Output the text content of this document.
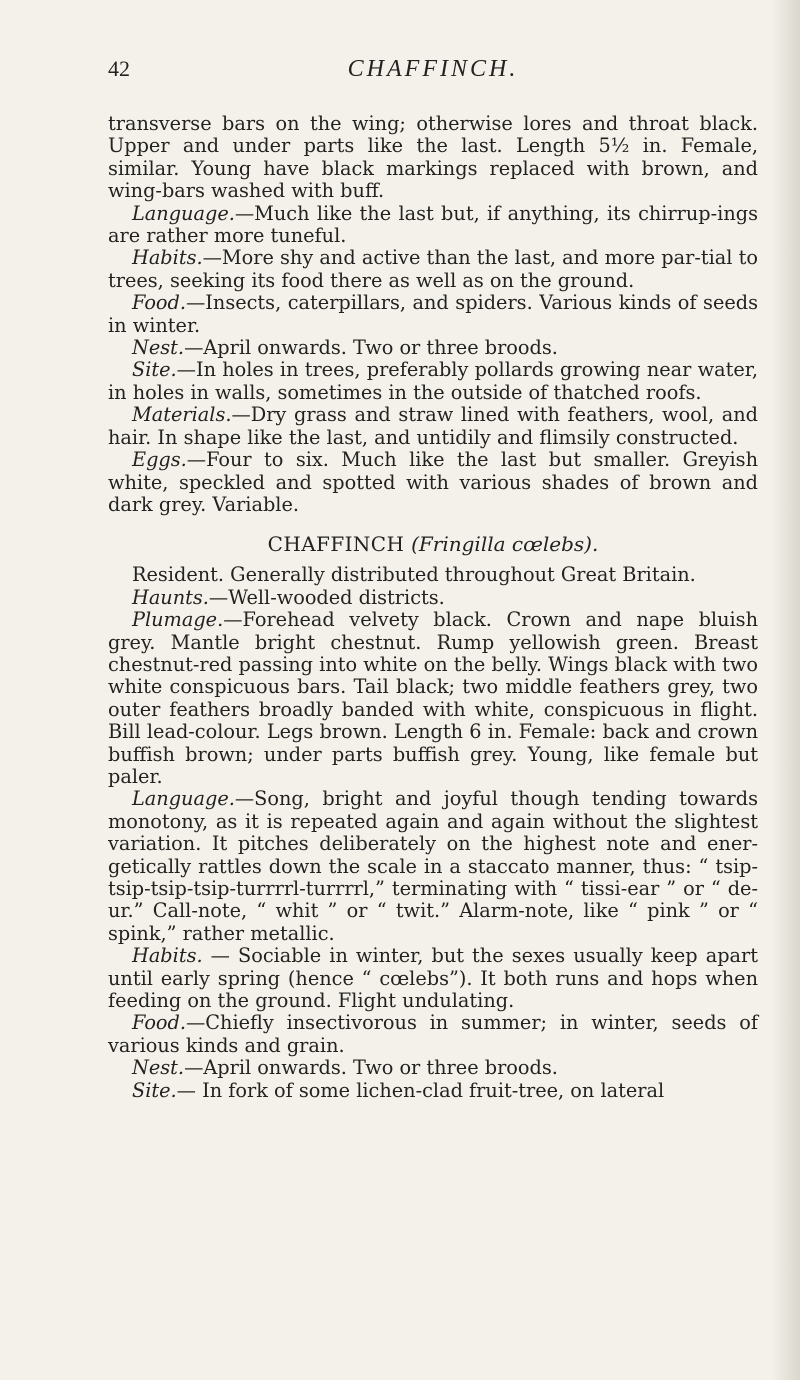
42	CHAFFINCH.

transverse bars on the wing; otherwise lores and throat black. Upper and under parts like the last. Length 5½ in. Female, similar. Young have black markings replaced with brown, and wing-bars washed with buff.

Language.—Much like the last but, if anything, its chirrup-ings are rather more tuneful.

Habits.—More shy and active than the last, and more par-tial to trees, seeking its food there as well as on the ground.

Food.—Insects, caterpillars, and spiders. Various kinds of seeds in winter.

Nest.—April onwards. Two or three broods.

Site.—In holes in trees, preferably pollards growing near water, in holes in walls, sometimes in the outside of thatched roofs.

Materials.—Dry grass and straw lined with feathers, wool, and hair. In shape like the last, and untidily and flimsily constructed.

Eggs.—Four to six. Much like the last but smaller. Greyish white, speckled and spotted with various shades of brown and dark grey. Variable.

CHAFFINCH (Fringilla cœlebs).

Resident. Generally distributed throughout Great Britain.

Haunts.—Well-wooded districts.

Plumage.—Forehead velvety black. Crown and nape bluish grey. Mantle bright chestnut. Rump yellowish green. Breast chestnut-red passing into white on the belly. Wings black with two white conspicuous bars. Tail black; two middle feathers grey, two outer feathers broadly banded with white, conspicuous in flight. Bill lead-colour. Legs brown. Length 6 in. Female: back and crown buffish brown; under parts buffish grey. Young, like female but paler.

Language.—Song, bright and joyful though tending towards monotony, as it is repeated again and again without the slightest variation. It pitches deliberately on the highest note and ener-getically rattles down the scale in a staccato manner, thus: “ tsip-tsip-tsip-tsip-turrrrl-turrrrl,” terminating with “ tissi-ear ” or “ de-ur.” Call-note, “ whit ” or “ twit.” Alarm-note, like “ pink ” or “ spink,” rather metallic.

Habits. — Sociable in winter, but the sexes usually keep apart until early spring (hence “ cœlebs”). It both runs and hops when feeding on the ground. Flight undulating.

Food.—Chiefly insectivorous in summer; in winter, seeds of various kinds and grain.

Nest.—April onwards. Two or three broods.

Site.— In fork of some lichen-clad fruit-tree, on lateral
